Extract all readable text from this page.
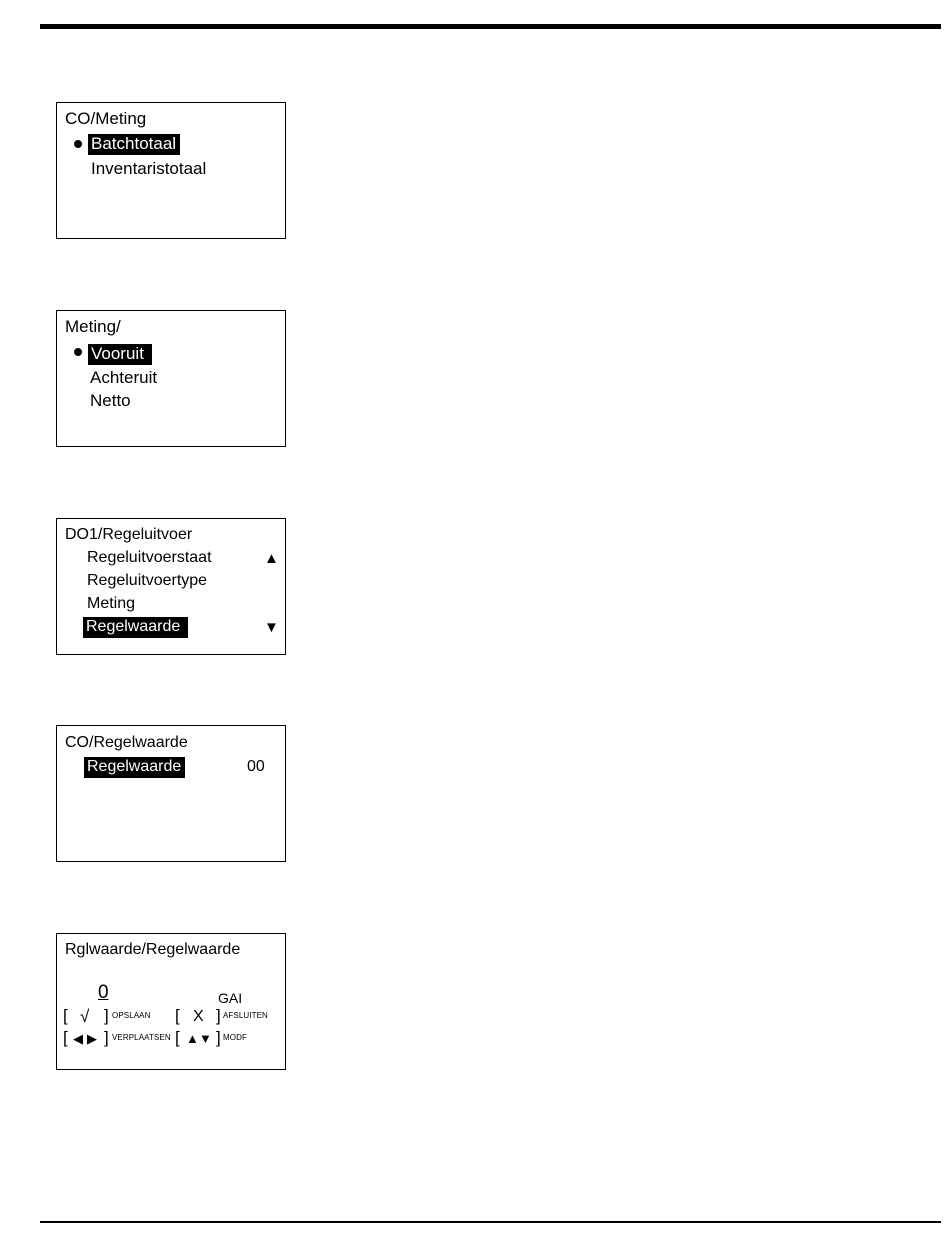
CO/Meting
Batchtotaal
Inventaristotaal
Meting/
Vooruit
Achteruit
Netto
DO1/Regeluitvoer
Regeluitvoerstaat	▲
Regeluitvoertype
Meting
Regelwaarde	▼
CO/Regelwaarde
Regelwaarde	00
Rglwaarde/Regelwaarde
0	GAI
[ √ ] OPSLAAN [ X ] AFSLUITEN
[ ◀ ▶ ] VERPLAATSEN [ ▲ ▼ ] MODF
